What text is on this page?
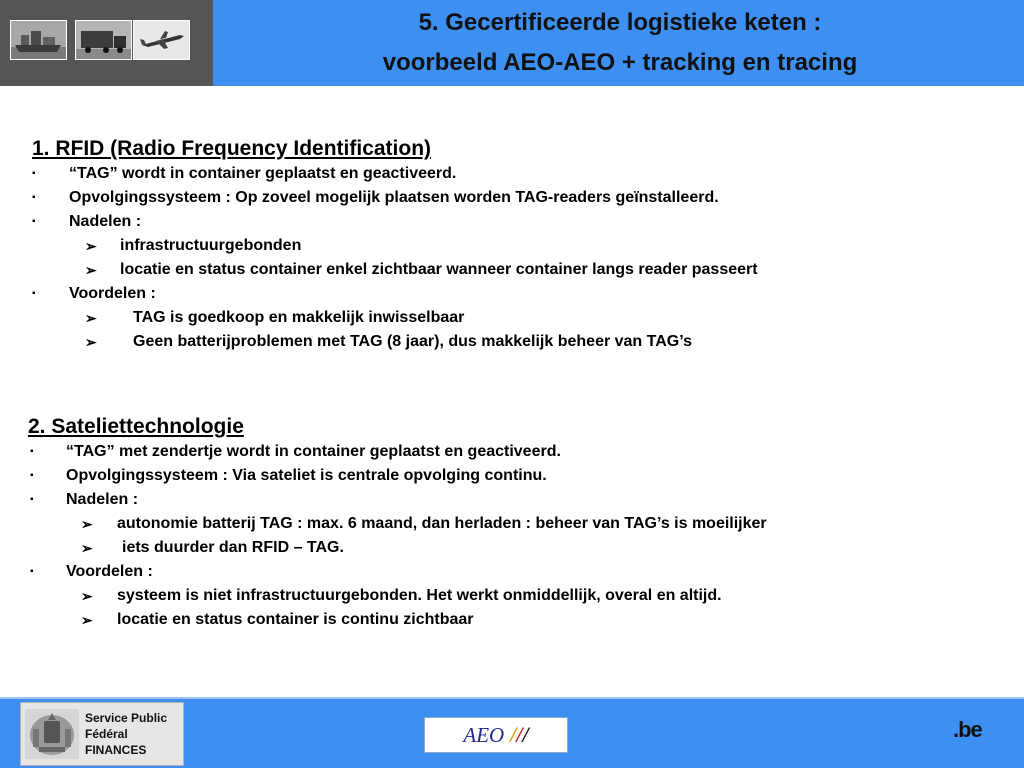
5. Gecertificeerde logistieke keten :
voorbeeld AEO-AEO + tracking en tracing
1. RFID (Radio Frequency Identification)
▪ “TAG” wordt in container geplaatst en geactiveerd.
▪ Opvolgingssysteem : Op zoveel mogelijk plaatsen worden TAG-readers geïnstalleerd.
▪ Nadelen :
➢ infrastructuurgebonden
➢ locatie en status container enkel zichtbaar wanneer container langs reader passeert
▪ Voordelen :
➢ TAG is goedkoop en makkelijk inwisselbaar
➢ Geen batterijproblemen met TAG (8 jaar), dus makkelijk beheer van TAG’s
2. Sateliettechnologie
▪ “TAG” met zendertje wordt in container geplaatst en geactiveerd.
▪ Opvolgingssysteem : Via sateliet is centrale opvolging continu.
▪ Nadelen :
➢ autonomie batterij TAG : max. 6 maand, dan herladen : beheer van TAG’s is moeilijker
➢ iets duurder dan RFID – TAG.
▪ Voordelen :
➢ systeem is niet infrastructuurgebonden. Het werkt onmiddellijk, overal en altijd.
➢ locatie en status container is continu zichtbaar
Service Public
Fédéral
FINANCES
AEO ///	.be
